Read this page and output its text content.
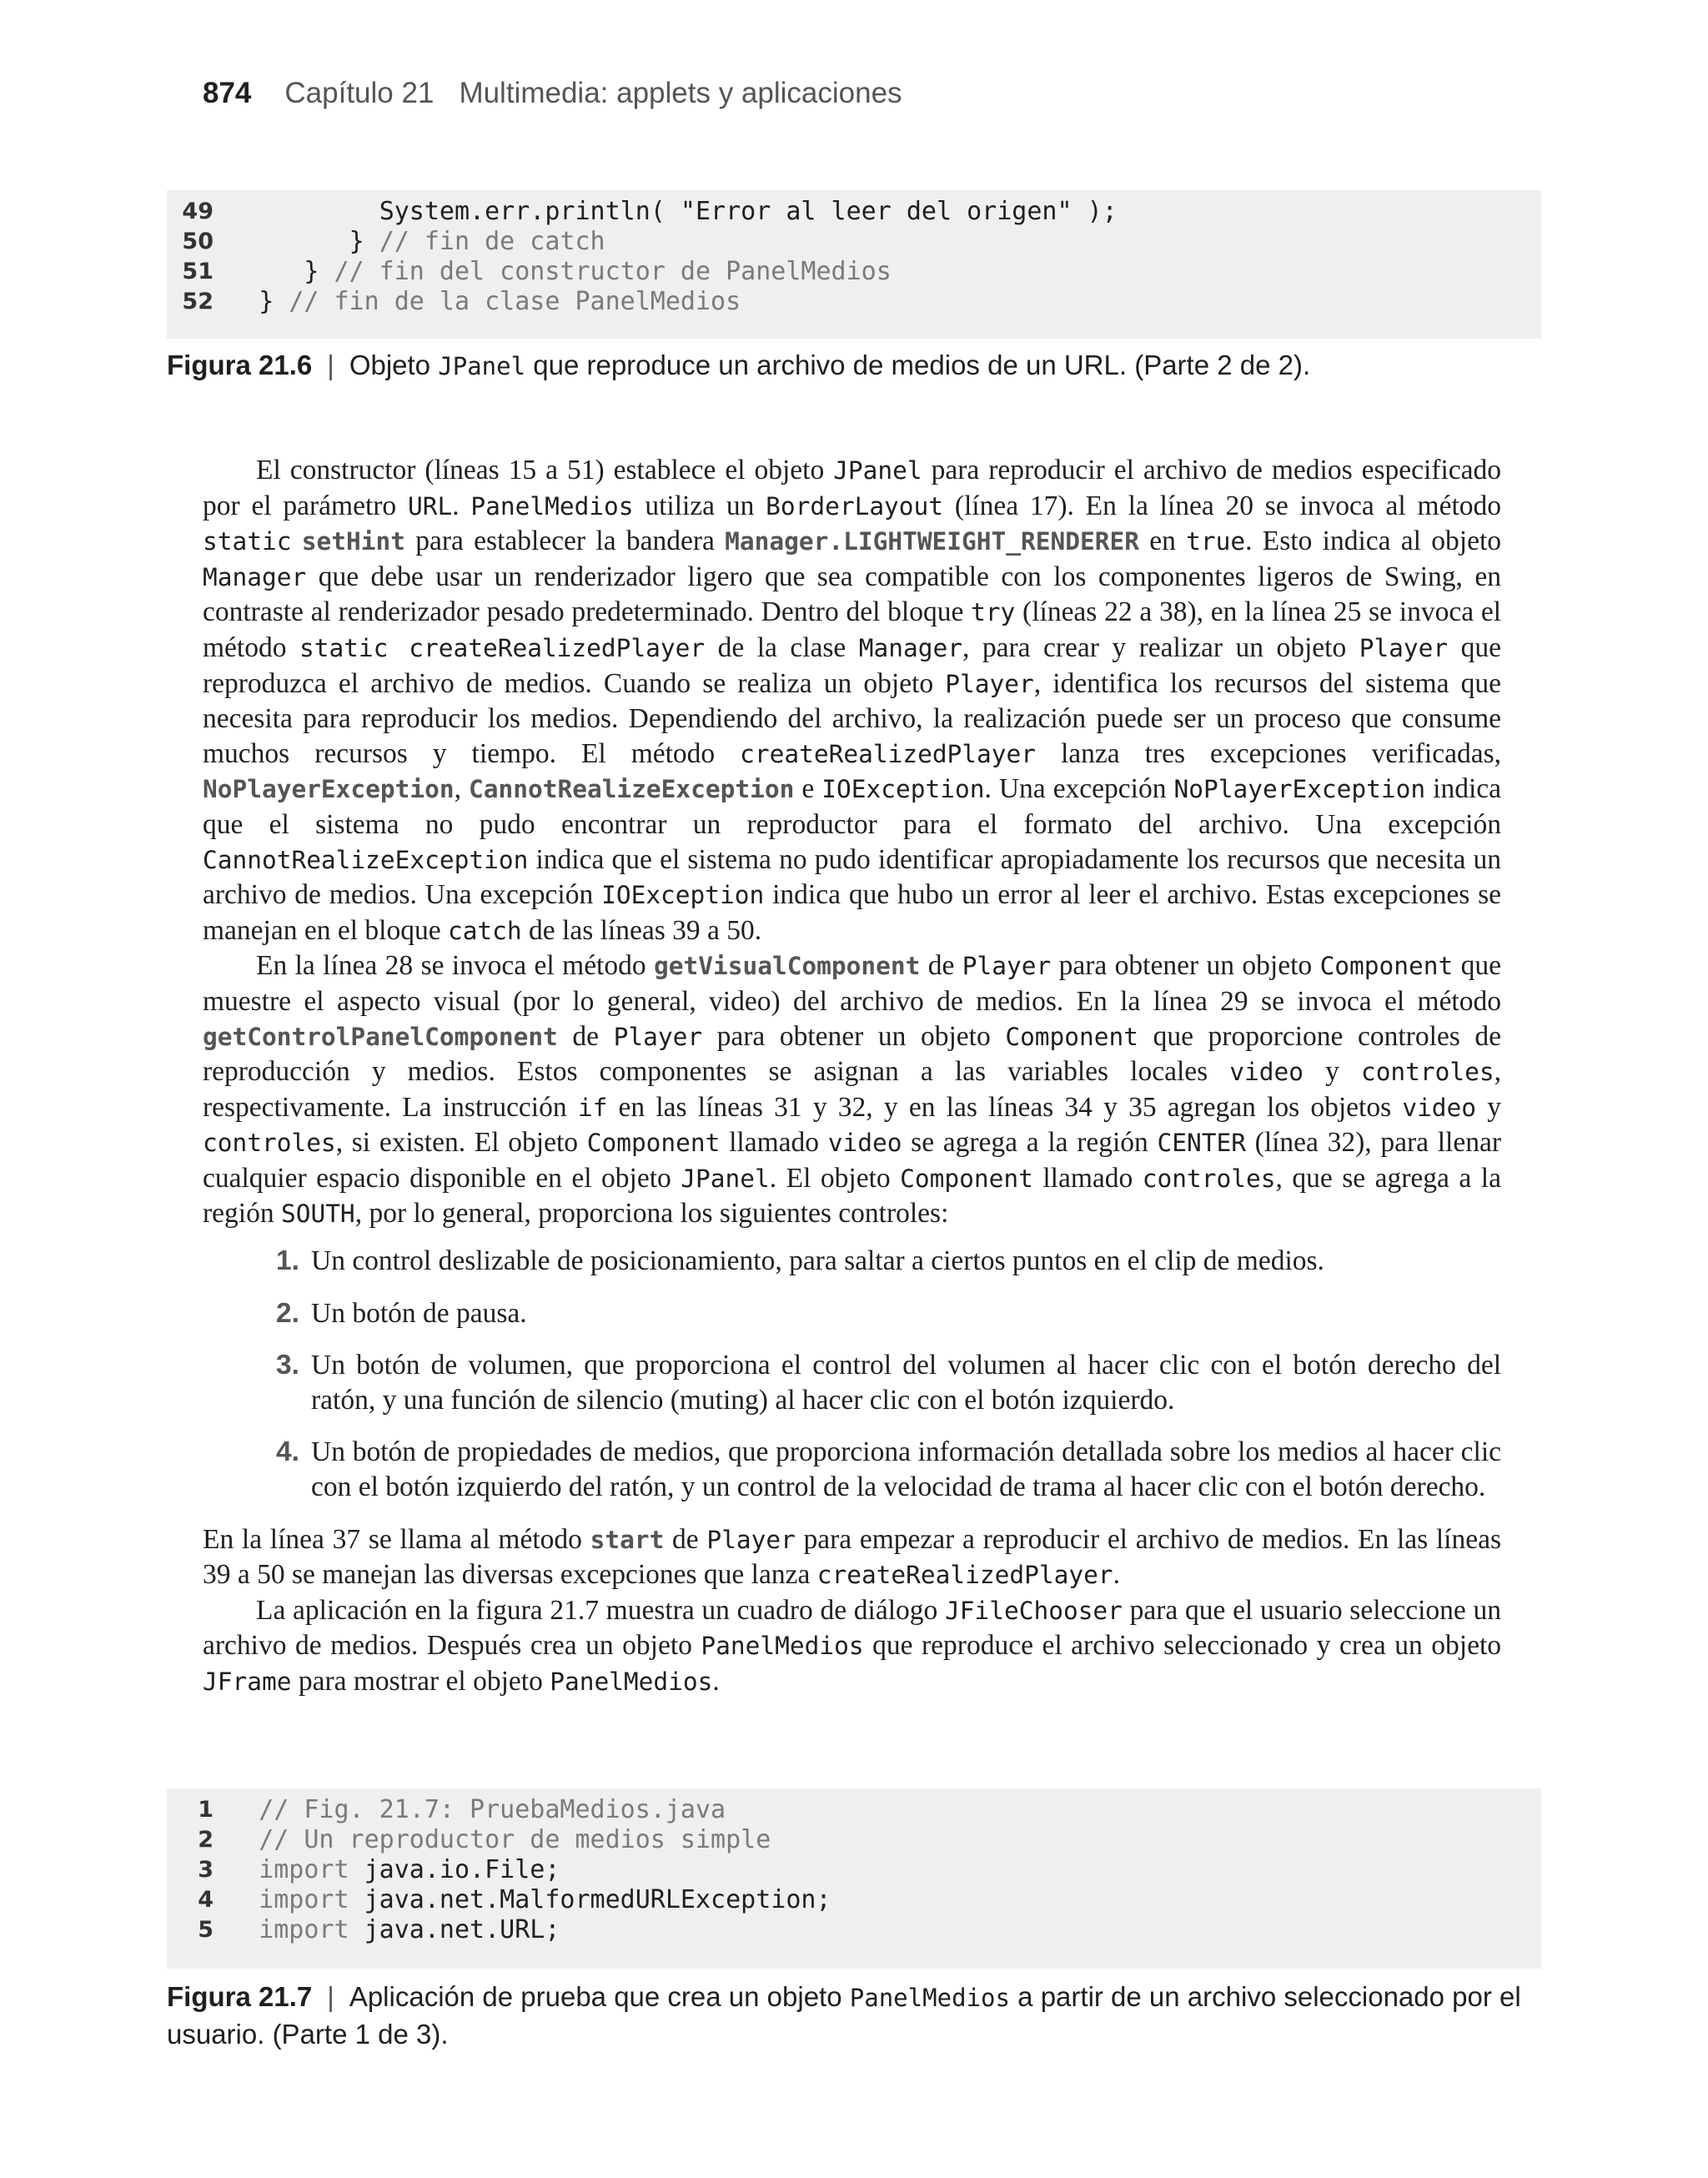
874 Capítulo 21 Multimedia: applets y aplicaciones
49	System.err.println( "Error al leer del origen" );
50	} // fin de catch
51	} // fin del constructor de PanelMedios
52	} // fin de la clase PanelMedios
Figura 21.6 | Objeto JPanel que reproduce un archivo de medios de un URL. (Parte 2 de 2).

El constructor (líneas 15 a 51) establece el objeto JPanel para reproducir el archivo de medios especificado por el parámetro URL. PanelMedios utiliza un BorderLayout (línea 17). En la línea 20 se invoca al método static setHint para establecer la bandera Manager.LIGHTWEIGHT_RENDERER en true. Esto indica al objeto Manager que debe usar un renderizador ligero que sea compatible con los componentes ligeros de Swing, en contraste al renderizador pesado predeterminado. Dentro del bloque try (líneas 22 a 38), en la línea 25 se invoca el método static createRealizedPlayer de la clase Manager, para crear y realizar un objeto Player que reproduzca el archivo de medios. Cuando se realiza un objeto Player, identifica los recursos del sistema que necesita para reproducir los medios. Dependiendo del archivo, la realización puede ser un proceso que consume muchos recursos y tiempo. El método createRealizedPlayer lanza tres excepciones verificadas, NoPlayerException, CannotRealizeException e IOException. Una excepción NoPlayerException indica que el sistema no pudo encontrar un reproductor para el formato del archivo. Una excepción CannotRealizeException indica que el sistema no pudo identificar apropiadamente los recursos que necesita un archivo de medios. Una excepción IOException indica que hubo un error al leer el archivo. Estas excepciones se manejan en el bloque catch de las líneas 39 a 50.

En la línea 28 se invoca el método getVisualComponent de Player para obtener un objeto Component que muestre el aspecto visual (por lo general, video) del archivo de medios. En la línea 29 se invoca el método getControlPanelComponent de Player para obtener un objeto Component que proporcione controles de reproducción y medios. Estos componentes se asignan a las variables locales video y controles, respectivamente. La instrucción if en las líneas 31 y 32, y en las líneas 34 y 35 agregan los objetos video y controles, si existen. El objeto Component llamado video se agrega a la región CENTER (línea 32), para llenar cualquier espacio disponible en el objeto JPanel. El objeto Component llamado controles, que se agrega a la región SOUTH, por lo general, proporciona los siguientes controles:

1. Un control deslizable de posicionamiento, para saltar a ciertos puntos en el clip de medios.
2. Un botón de pausa.
3. Un botón de volumen, que proporciona el control del volumen al hacer clic con el botón derecho del ratón, y una función de silencio (muting) al hacer clic con el botón izquierdo.
4. Un botón de propiedades de medios, que proporciona información detallada sobre los medios al hacer clic con el botón izquierdo del ratón, y un control de la velocidad de trama al hacer clic con el botón derecho.

En la línea 37 se llama al método start de Player para empezar a reproducir el archivo de medios. En las líneas 39 a 50 se manejan las diversas excepciones que lanza createRealizedPlayer.

La aplicación en la figura 21.7 muestra un cuadro de diálogo JFileChooser para que el usuario seleccione un archivo de medios. Después crea un objeto PanelMedios que reproduce el archivo seleccionado y crea un objeto JFrame para mostrar el objeto PanelMedios.

1	// Fig. 21.7: PruebaMedios.java
2	// Un reproductor de medios simple
3	import java.io.File;
4	import java.net.MalformedURLException;
5	import java.net.URL;
Figura 21.7 | Aplicación de prueba que crea un objeto PanelMedios a partir de un archivo seleccionado por el usuario. (Parte 1 de 3).
